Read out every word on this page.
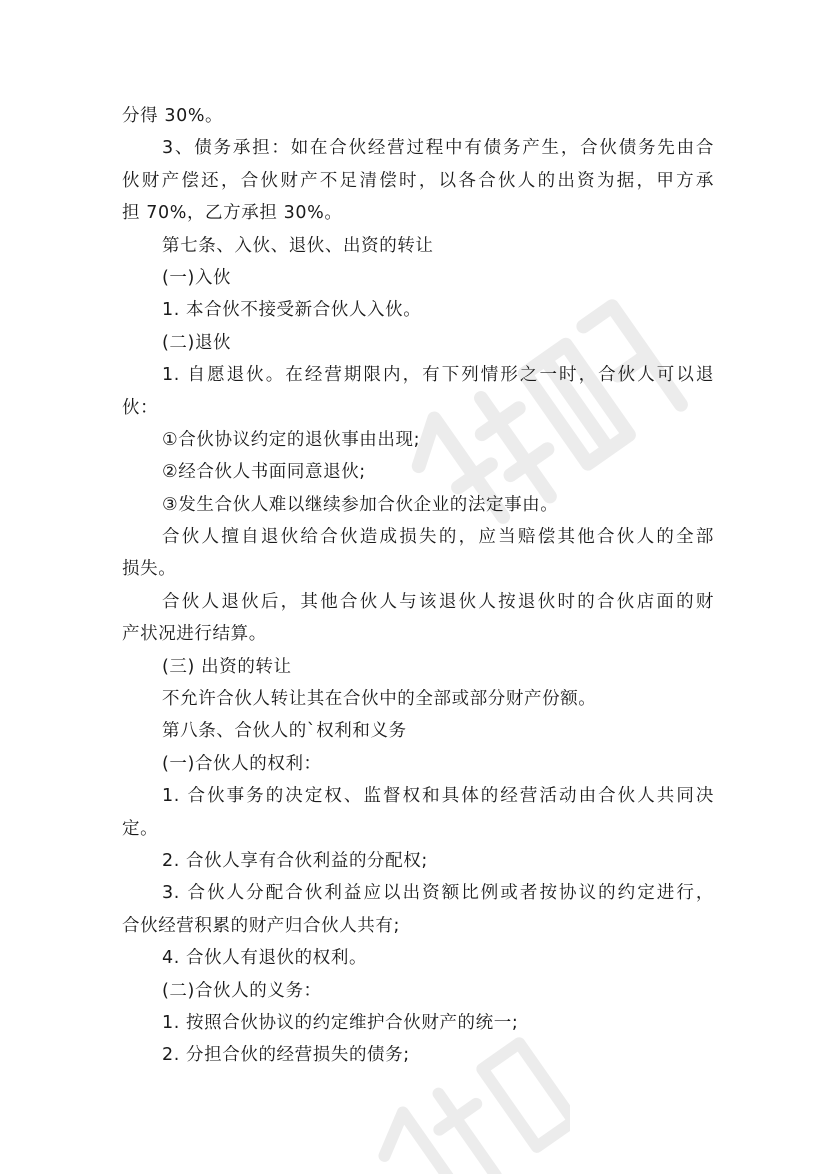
分得 30%。
3、债务承担：如在合伙经营过程中有债务产生，合伙债务先由合
伙财产偿还，合伙财产不足清偿时，以各合伙人的出资为据，甲方承
担 70%，乙方承担 30%。
第七条、入伙、退伙、出资的转让
(一)入伙
1. 本合伙不接受新合伙人入伙。
(二)退伙
1. 自愿退伙。在经营期限内，有下列情形之一时，合伙人可以退
伙：
①合伙协议约定的退伙事由出现;
②经合伙人书面同意退伙;
③发生合伙人难以继续参加合伙企业的法定事由。
合伙人擅自退伙给合伙造成损失的，应当赔偿其他合伙人的全部
损失。
合伙人退伙后，其他合伙人与该退伙人按退伙时的合伙店面的财
产状况进行结算。
(三) 出资的转让
不允许合伙人转让其在合伙中的全部或部分财产份额。
第八条、合伙人的`权利和义务
(一)合伙人的权利：
1. 合伙事务的决定权、监督权和具体的经营活动由合伙人共同决
定。
2. 合伙人享有合伙利益的分配权;
3. 合伙人分配合伙利益应以出资额比例或者按协议的约定进行，
合伙经营积累的财产归合伙人共有;
4. 合伙人有退伙的权利。
(二)合伙人的义务：
1. 按照合伙协议的约定维护合伙财产的统一;
2. 分担合伙的经营损失的债务;
